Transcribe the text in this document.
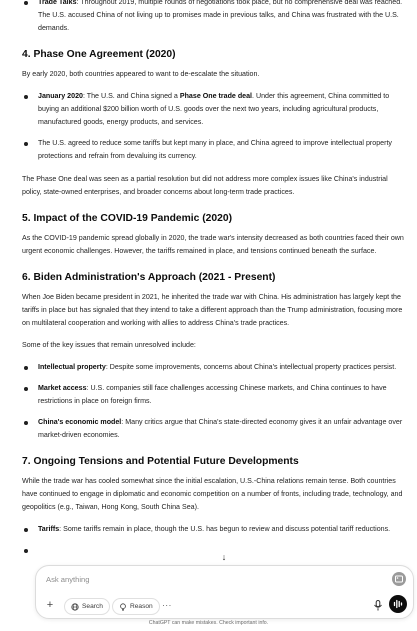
Trade Talks: Throughout 2019, multiple rounds of negotiations took place, but no comprehensive deal was reached. The U.S. accused China of not living up to promises made in previous talks, and China was frustrated with the U.S. demands.
4. Phase One Agreement (2020)

By early 2020, both countries appeared to want to de-escalate the situation.

January 2020: The U.S. and China signed a Phase One trade deal. Under this agreement, China committed to buying an additional $200 billion worth of U.S. goods over the next two years, including agricultural products, manufactured goods, energy products, and services.
The U.S. agreed to reduce some tariffs but kept many in place, and China agreed to improve intellectual property protections and refrain from devaluing its currency.

The Phase One deal was seen as a partial resolution but did not address more complex issues like China's industrial policy, state-owned enterprises, and broader concerns about long-term trade practices.

5. Impact of the COVID-19 Pandemic (2020)

As the COVID-19 pandemic spread globally in 2020, the trade war's intensity decreased as both countries faced their own urgent economic challenges. However, the tariffs remained in place, and tensions continued beneath the surface.

6. Biden Administration's Approach (2021 - Present)

When Joe Biden became president in 2021, he inherited the trade war with China. His administration has largely kept the tariffs in place but has signaled that they intend to take a different approach than the Trump administration, focusing more on multilateral cooperation and working with allies to address China's trade practices.

Some of the key issues that remain unresolved include:

Intellectual property: Despite some improvements, concerns about China's intellectual property practices persist.
Market access: U.S. companies still face challenges accessing Chinese markets, and China continues to have restrictions in place on foreign firms.
China's economic model: Many critics argue that China's state-directed economy gives it an unfair advantage over market-driven economies.
7. Ongoing Tensions and Potential Future Developments

While the trade war has cooled somewhat since the initial escalation, U.S.-China relations remain tense. Both countries have continued to engage in diplomatic and economic competition on a number of fronts, including trade, technology, and geopolitics (e.g., Taiwan, Hong Kong, South China Sea).

Tariffs: Some tariffs remain in place, though the U.S. has begun to review and discuss potential tariff reductions.
↓
Ask anything
+	Search	Reason ···
ChatGPT can make mistakes. Check important info.
